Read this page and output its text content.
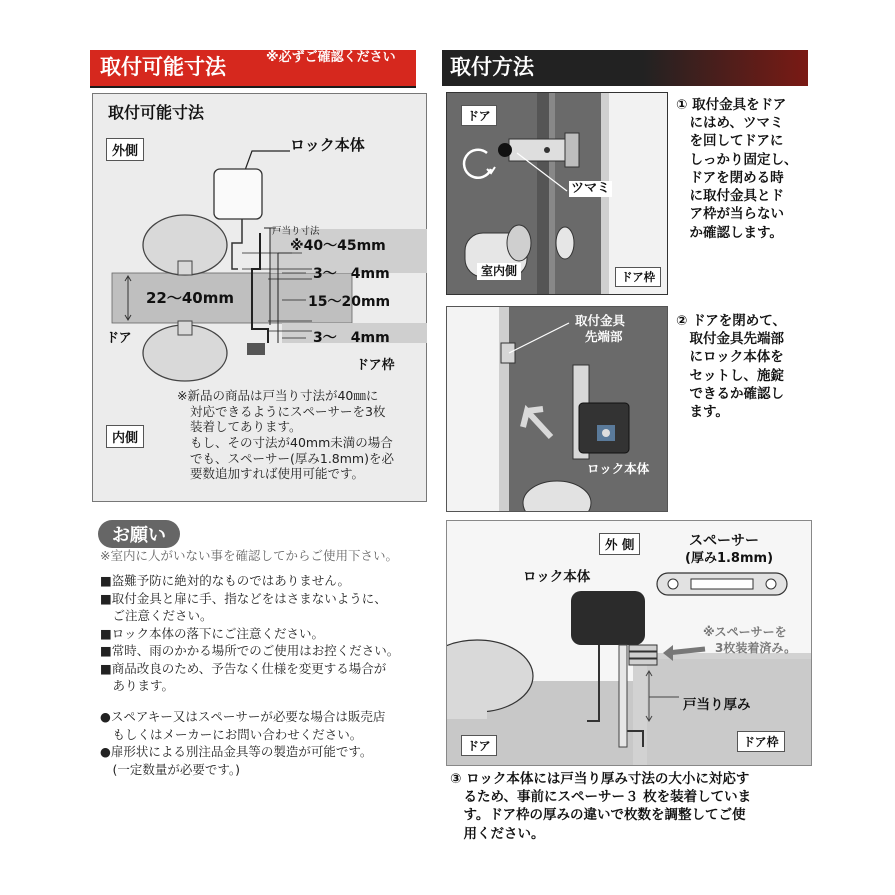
取付可能寸法	※必ずご確認ください
取付可能寸法
外側	ロック本体
22～40mm
戸当り寸法
※40～45mm
3～　4mm
15～20mm
3～　4mm
ドア
ドア枠
内側
※新品の商品は戸当り寸法が40㎜に
対応できるようにスペーサーを3枚
装着してあります。
もし、その寸法が40mm未満の場合
でも、スペーサー(厚み1.8mm)を必
要数追加すれば使用可能です。
お願い
※室内に人がいない事を確認してからご使用下さい。
■盗難予防に絶対的なものではありません。
■取付金具と扉に手、指などをはさまないように、
　ご注意ください。
■ロック本体の落下にご注意ください。
■常時、雨のかかる場所でのご使用はお控ください。
■商品改良のため、予告なく仕様を変更する場合が
　あります。
●スペアキー又はスペーサーが必要な場合は販売店
　もしくはメーカーにお問い合わせください。
●扉形状による別注品金具等の製造が可能です。
　(一定数量が必要です。)
取付方法
ドア
ツマミ
室内側	ドア枠
① 取付金具をドア
　にはめ、ツマミ
　を回してドアに
　しっかり固定し、
　ドアを閉める時
　に取付金具とド
　ア枠が当らない
　か確認します。
取付金具
先端部
ロック本体
② ドアを閉めて、
　取付金具先端部
　にロック本体を
　セットし、施錠
　できるか確認し
　ます。
外 側	スペーサー
(厚み1.8mm)
ロック本体
※スペーサーを
3枚装着済み。
戸当り厚み
ドア	ドア枠
③ ロック本体には戸当り厚み寸法の大小に対応す
　るため、事前にスペーサー３ 枚を装着していま
　す。ドア枠の厚みの違いで枚数を調整してご使
　用ください。
